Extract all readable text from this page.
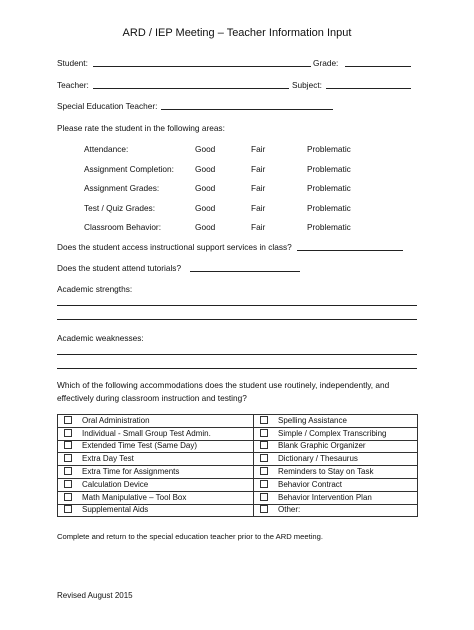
ARD / IEP Meeting – Teacher Information Input
Student:	Grade:
Teacher:	Subject:
Special Education Teacher:
Please rate the student in the following areas:
Attendance:	Good	Fair	Problematic
Assignment Completion:	Good	Fair	Problematic
Assignment Grades:	Good	Fair	Problematic
Test / Quiz Grades:	Good	Fair	Problematic
Classroom Behavior:	Good	Fair	Problematic
Does the student access instructional support services in class?
Does the student attend tutorials?
Academic strengths:
Academic weaknesses:
Which of the following accommodations does the student use routinely, independently, and
effectively during classroom instruction and testing?
Oral Administration	Spelling Assistance
Individual - Small Group Test Admin.	Simple / Complex Transcribing
Extended Time Test (Same Day)	Blank Graphic Organizer
Extra Day Test	Dictionary / Thesaurus
Extra Time for Assignments	Reminders to Stay on Task
Calculation Device	Behavior Contract
Math Manipulative – Tool Box	Behavior Intervention Plan
Supplemental Aids	Other:
Complete and return to the special education teacher prior to the ARD meeting.
Revised August 2015
